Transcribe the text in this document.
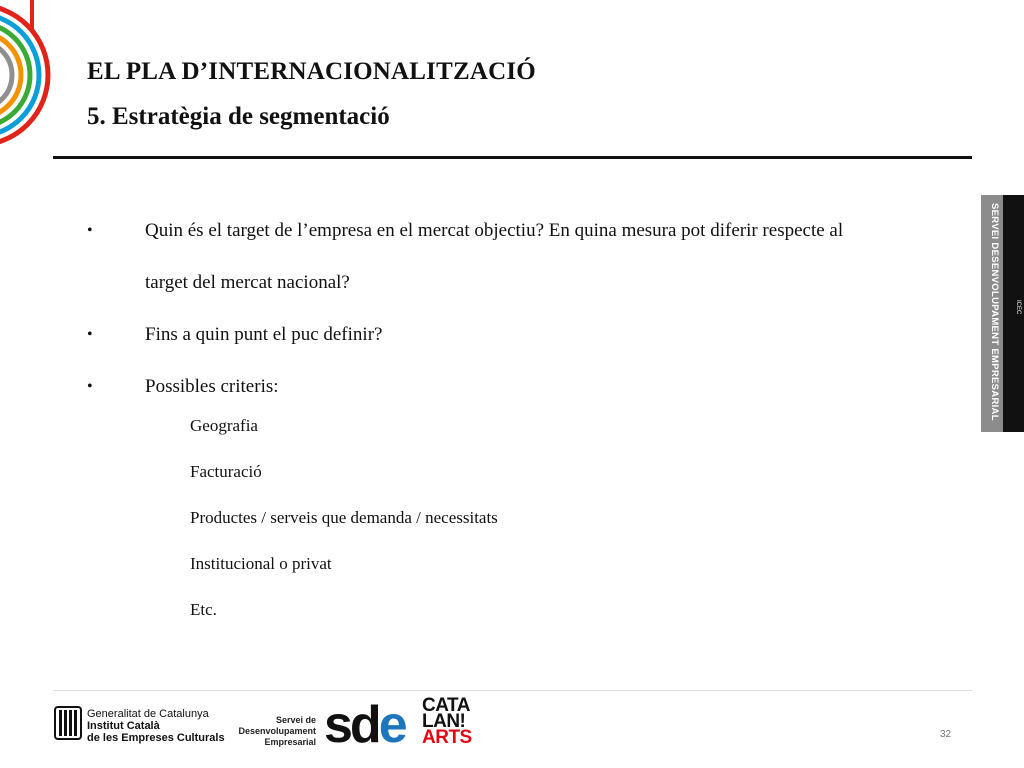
EL PLA D’INTERNACIONALITZACIÓ
5. Estratègia de segmentació
SERVEI DESENVOLUPAMENT EMPRESARIAL	ICEC
•	Quin és el target de l’empresa en el mercat objectiu? En quina mesura pot diferir respecte al
target del mercat nacional?
•	Fins a quin punt el puc definir?
•	Possibles criteris:
Geografia
Facturació
Productes / serveis que demanda / necessitats
Institucional o privat
Etc.
Generalitat de Catalunya
Institut Català
de les Empreses Culturals
Servei de
Desenvolupament
Empresarial sde CATA
LAN!
ARTS	32
